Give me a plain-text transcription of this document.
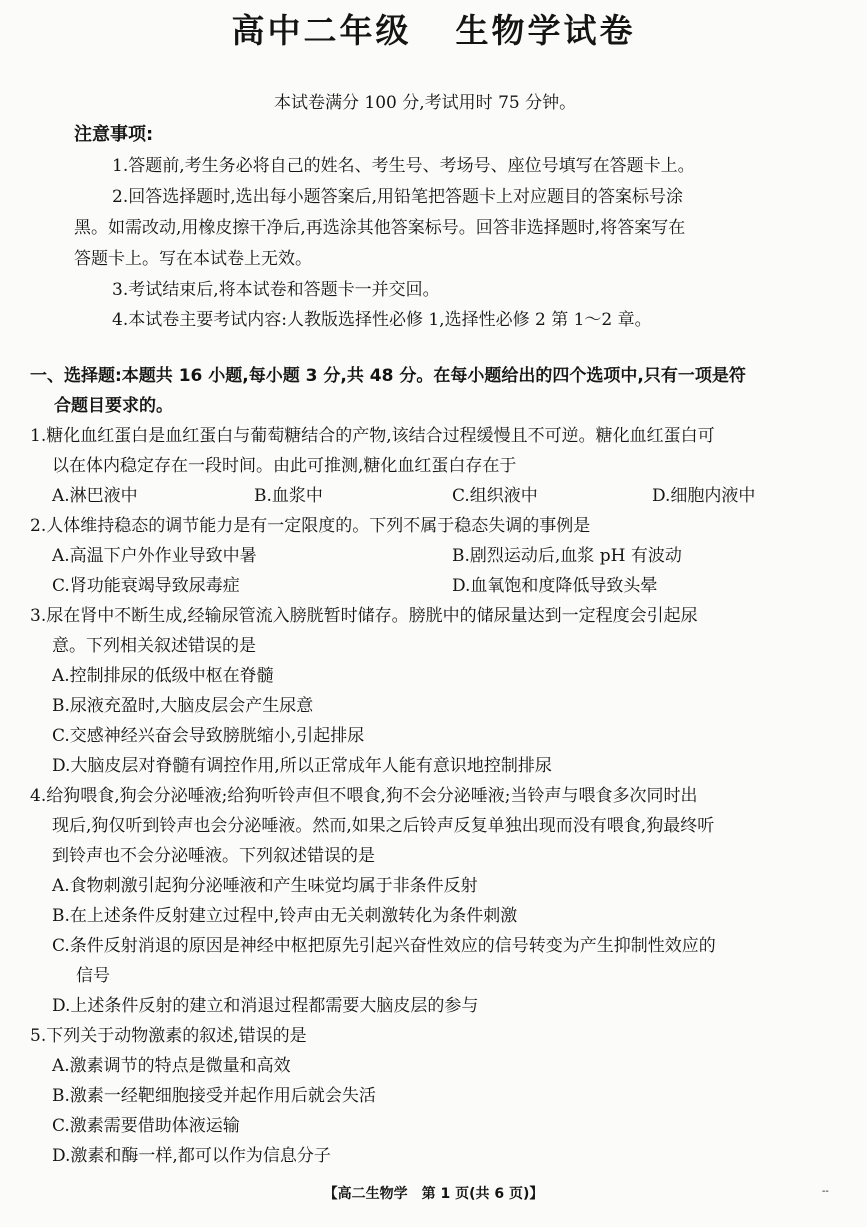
高中二年级 生物学试卷
本试卷满分 100 分,考试用时 75 分钟。
注意事项:
1.答题前,考生务必将自己的姓名、考生号、考场号、座位号填写在答题卡上。
2.回答选择题时,选出每小题答案后,用铅笔把答题卡上对应题目的答案标号涂
黑。如需改动,用橡皮擦干净后,再选涂其他答案标号。回答非选择题时,将答案写在
答题卡上。写在本试卷上无效。
3.考试结束后,将本试卷和答题卡一并交回。
4.本试卷主要考试内容:人教版选择性必修 1,选择性必修 2 第 1～2 章。
一、选择题:本题共 16 小题,每小题 3 分,共 48 分。在每小题给出的四个选项中,只有一项是符
合题目要求的。
1.糖化血红蛋白是血红蛋白与葡萄糖结合的产物,该结合过程缓慢且不可逆。糖化血红蛋白可
以在体内稳定存在一段时间。由此可推测,糖化血红蛋白存在于
A.淋巴液中	B.血浆中	C.组织液中	D.细胞内液中
2.人体维持稳态的调节能力是有一定限度的。下列不属于稳态失调的事例是
A.高温下户外作业导致中暑	B.剧烈运动后,血浆 pH 有波动
C.肾功能衰竭导致尿毒症	D.血氧饱和度降低导致头晕
3.尿在肾中不断生成,经输尿管流入膀胱暂时储存。膀胱中的储尿量达到一定程度会引起尿
意。下列相关叙述错误的是
A.控制排尿的低级中枢在脊髓
B.尿液充盈时,大脑皮层会产生尿意
C.交感神经兴奋会导致膀胱缩小,引起排尿
D.大脑皮层对脊髓有调控作用,所以正常成年人能有意识地控制排尿
4.给狗喂食,狗会分泌唾液;给狗听铃声但不喂食,狗不会分泌唾液;当铃声与喂食多次同时出
现后,狗仅听到铃声也会分泌唾液。然而,如果之后铃声反复单独出现而没有喂食,狗最终听
到铃声也不会分泌唾液。下列叙述错误的是
A.食物刺激引起狗分泌唾液和产生味觉均属于非条件反射
B.在上述条件反射建立过程中,铃声由无关刺激转化为条件刺激
C.条件反射消退的原因是神经中枢把原先引起兴奋性效应的信号转变为产生抑制性效应的
信号
D.上述条件反射的建立和消退过程都需要大脑皮层的参与
5.下列关于动物激素的叙述,错误的是
A.激素调节的特点是微量和高效
B.激素一经靶细胞接受并起作用后就会失活
C.激素需要借助体液运输
D.激素和酶一样,都可以作为信息分子
【高二生物学　第 1 页(共 6 页)】	--
